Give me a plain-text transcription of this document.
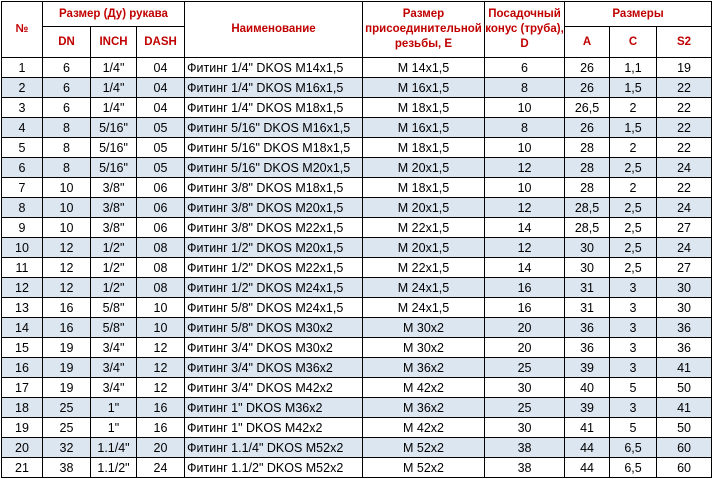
№	Размер (Ду) рукава			Наименование	Размер присоединительной резьбы, E	Посадочный конус (труба), D	Размеры		
	DN	INCH	DASH				A	C	S2
1	6	1/4"	04	Фитинг 1/4" DKOS M14x1,5	M 14x1,5	6	26	1,1	19
2	6	1/4"	04	Фитинг 1/4" DKOS M16x1,5	M 16x1,5	8	26	1,5	22
3	6	1/4"	04	Фитинг 1/4" DKOS M18x1,5	M 18x1,5	10	26,5	2	22
4	8	5/16"	05	Фитинг 5/16" DKOS M16x1,5	M 16x1,5	8	26	1,5	22
5	8	5/16"	05	Фитинг 5/16" DKOS M18x1,5	M 18x1,5	10	28	2	22
6	8	5/16"	05	Фитинг 5/16" DKOS M20x1,5	M 20x1,5	12	28	2,5	24
7	10	3/8"	06	Фитинг 3/8" DKOS M18x1,5	M 18x1,5	10	28	2	22
8	10	3/8"	06	Фитинг 3/8" DKOS M20x1,5	M 20x1,5	12	28,5	2,5	24
9	10	3/8"	06	Фитинг 3/8" DKOS M22x1,5	M 22x1,5	14	28,5	2,5	27
10	12	1/2"	08	Фитинг 1/2" DKOS M20x1,5	M 20x1,5	12	30	2,5	24
11	12	1/2"	08	Фитинг 1/2" DKOS M22x1,5	M 22x1,5	14	30	2,5	27
12	12	1/2"	08	Фитинг 1/2" DKOS M24x1,5	M 24x1,5	16	31	3	30
13	16	5/8"	10	Фитинг 5/8" DKOS M24x1,5	M 24x1,5	16	31	3	30
14	16	5/8"	10	Фитинг 5/8" DKOS M30x2	M 30x2	20	36	3	36
15	19	3/4"	12	Фитинг 3/4" DKOS M30x2	M 30x2	20	36	3	36
16	19	3/4"	12	Фитинг 3/4" DKOS M36x2	M 36x2	25	39	3	41
17	19	3/4"	12	Фитинг 3/4" DKOS M42x2	M 42x2	30	40	5	50
18	25	1"	16	Фитинг 1" DKOS M36x2	M 36x2	25	39	3	41
19	25	1"	16	Фитинг 1" DKOS M42x2	M 42x2	30	41	5	50
20	32	1.1/4"	20	Фитинг 1.1/4" DKOS M52x2	M 52x2	38	44	6,5	60
21	38	1.1/2"	24	Фитинг 1.1/2" DKOS M52x2	M 52x2	38	44	6,5	60
